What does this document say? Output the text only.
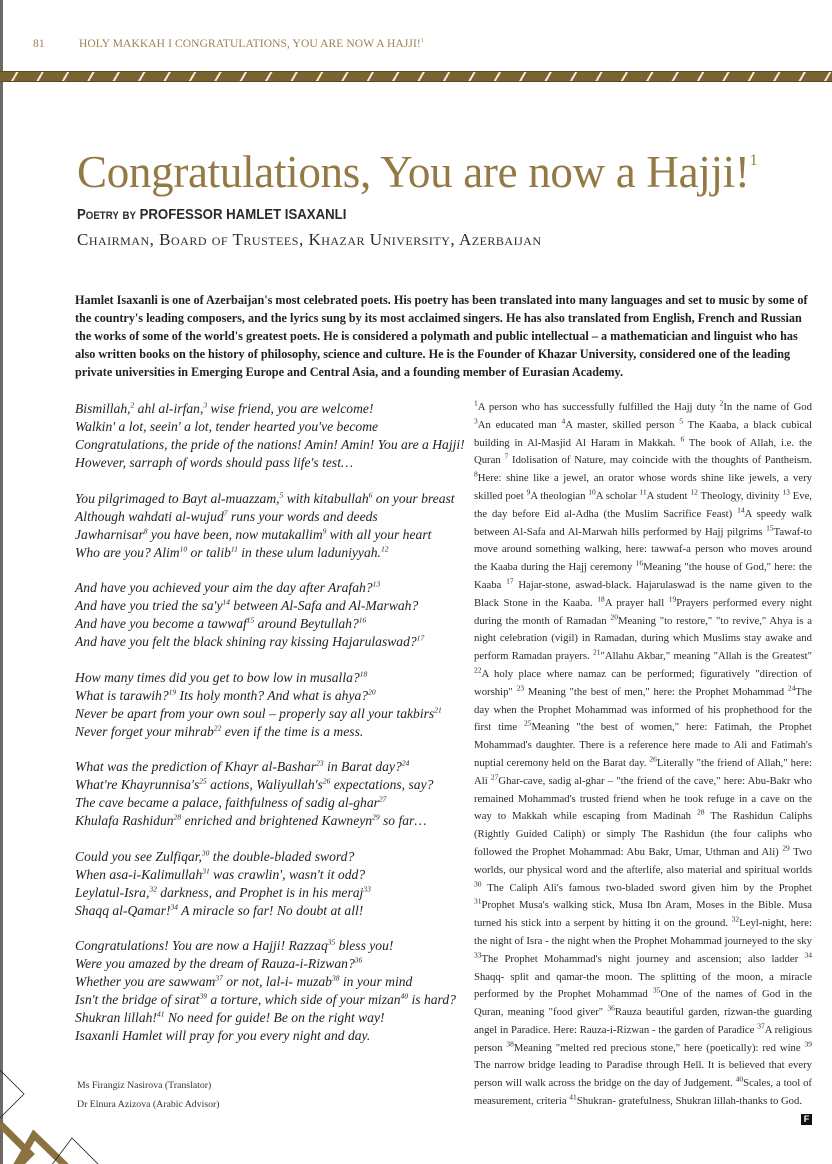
81	HOLY MAKKAH I CONGRATULATIONS, YOU ARE NOW A HAJJI!$^1$
Congratulations, You are now a Hajji!$^1$
Poetry by PROFESSOR HAMLET ISAXANLI
Chairman, Board of Trustees, Khazar University, Azerbaijan
Hamlet Isaxanli is one of Azerbaijan's most celebrated poets. His poetry has been translated into many languages and set to music by some of the country's leading composers, and the lyrics sung by its most acclaimed singers. He has also translated from English, French and Russian the works of some of the world's greatest poets. He is considered a polymath and public intellectual – a mathematician and linguist who has also written books on the history of philosophy, science and culture. He is the Founder of Khazar University, considered one of the leading private universities in Emerging Europe and Central Asia, and a founding member of Eurasian Academy.
Bismillah,$^2$ ahl al-irfan,$^3$ wise friend, you are welcome!
Walkin' a lot, seein' a lot, tender hearted you've become
Congratulations, the pride of the nations! Amin! Amin! You are a Hajji!
However, sarraph of words should pass life's test…
You pilgrimaged to Bayt al-muazzam,$^5$ with kitabullah$^6$ on your breast
Although wahdati al-wujud$^7$ runs your words and deeds
Jawharnisar$^8$ you have been, now mutakallim$^9$ with all your heart
Who are you? Alim$^{10}$ or talib$^{11}$ in these ulum laduniyyah.$^{12}$
And have you achieved your aim the day after Arafah?$^{13}$
And have you tried the $sa'y^{14}$ between Al-Safa and Al-Marwah?
And have you become a tawwaf$^{15}$ around Beytullah?$^{16}$
And have you felt the black shining ray kissing Hajarulaswad?$^{17}$
How many times did you get to bow low in musalla?$^{18}$
What is tarawih?$^{19}$ Its holy month? And what is ahya?$^{20}$
Never be apart from your own soul – properly say all your takbirs$^{21}$
Never forget your mihrab$^{22}$ even if the time is a mess.
What was the prediction of Khayr al-Bashar$^{23}$ in Barat day?$^{24}$
What're $Khayrunnisa's^{25}$ actions, $Waliyullah's^{26}$ expectations, say?
The cave became a palace, faithfulness of sadig al-ghar$^{27}$
Khulafa Rashidun$^{28}$ enriched and brightened Kawneyn$^{29}$ so far…
Could you see Zulfiqar,$^{30}$ the double-bladed sword?
When asa-i-Kalimullah$^{31}$ was crawlin', wasn't it odd?
Leylatul-Isra,$^{32}$ darkness, and Prophet is in his meraj$^{33}$
Shaqq al-Qamar!$^{34}$ A miracle so far! No doubt at all!
Congratulations! You are now a Hajji! Razzaq$^{35}$ bless you!
Were you amazed by the dream of Rauza-i-Rizwan?$^{36}$
Whether you are sawwam$^{37}$ or not, lal-i- muzab$^{38}$ in your mind
Isn't the bridge of sirat$^{39}$ a torture, which side of your mizan$^{40}$ is hard?
Shukran lillah!$^{41}$ No need for guide! Be on the right way!
Isaxanli Hamlet will pray for you every night and day.
$^1$A person who has successfully fulfilled the Hajj duty $^2$In the name of God $^3$An educated man $^4$A master, skilled person $^5$ The Kaaba, a black cubical building in Al-Masjid Al Haram in Makkah. $^6$ The book of Allah, i.e. the Quran $^7$ Idolisation of Nature, may coincide with the thoughts of Pantheism. $^8$Here: shine like a jewel, an orator whose words shine like jewels, a very skilled poet $^9$A theologian $^{10}$A scholar $^{11}$A student $^{12}$ Theology, divinity $^{13}$ Eve, the day before Eid al-Adha (the Muslim Sacrifice Feast) $^{14}$A speedy walk between Al-Safa and Al-Marwah hills performed by Hajj pilgrims $^{15}$Tawaf-to move around something walking, here: tawwaf-a person who moves around the Kaaba during the Hajj ceremony $^{16}$Meaning "the house of God," here: the Kaaba $^{17}$ Hajar-stone, aswad-black. Hajarulaswad is the name given to the Black Stone in the Kaaba. $^{18}$A prayer hall $^{19}$Prayers performed every night during the month of Ramadan $^{20}$Meaning "to restore," "to revive," Ahya is a night celebration (vigil) in Ramadan, during which Muslims stay awake and perform Ramadan prayers. $^{21}$"Allahu Akbar," meaning "Allah is the Greatest" $^{22}$A holy place where namaz can be performed; figuratively "direction of worship" $^{23}$ Meaning "the best of men," here: the Prophet Mohammad $^{24}$The day when the Prophet Mohammad was informed of his prophethood for the first time $^{25}$Meaning "the best of women," here: Fatimah, the Prophet Mohammad's daughter. There is a reference here made to Ali and Fatimah's nuptial ceremony held on the Barat day. $^{26}$Literally "the friend of Allah," here: Ali $^{27}$Ghar-cave, sadig al-ghar – "the friend of the cave," here: Abu-Bakr who remained Mohammad's trusted friend when he took refuge in a cave on the way to Makkah while escaping from Madinah $^{28}$ The Rashidun Caliphs (Rightly Guided Caliph) or simply The Rashidun (the four caliphs who followed the Prophet Mohammad: Abu Bakr, Umar, Uthman and Ali) $^{29}$ Two worlds, our physical word and the afterlife, also material and spiritual worlds $^{30}$ The Caliph Ali's famous two-bladed sword given him by the Prophet $^{31}$Prophet Musa's walking stick, Musa Ibn Aram, Moses in the Bible. Musa turned his stick into a serpent by hitting it on the ground. $^{32}$Leyl-night, here: the night of Isra - the night when the Prophet Mohammad journeyed to the sky $^{33}$The Prophet Mohammad's night journey and ascension; also ladder $^{34}$ Shaqq- split and qamar-the moon. The splitting of the moon, a miracle performed by the Prophet Mohammad $^{35}$One of the names of God in the Quran, meaning "food giver" $^{36}$Rauza beautiful garden, rizwan-the guarding angel in Paradice. Here: Rauza-i-Rizwan - the garden of Paradice $^{37}$A religious person $^{38}$Meaning "melted red precious stone," here (poetically): red wine $^{39}$ The narrow bridge leading to Paradise through Hell. It is believed that every person will walk across the bridge on the day of Judgement. $^{40}$Scales, a tool of measurement, criteria $^{41}$Shukran- gratefulness, Shukran lillah-thanks to God.
F
Ms Firangiz Nasirova (Translator)
Dr Elnura Azizova (Arabic Advisor)
